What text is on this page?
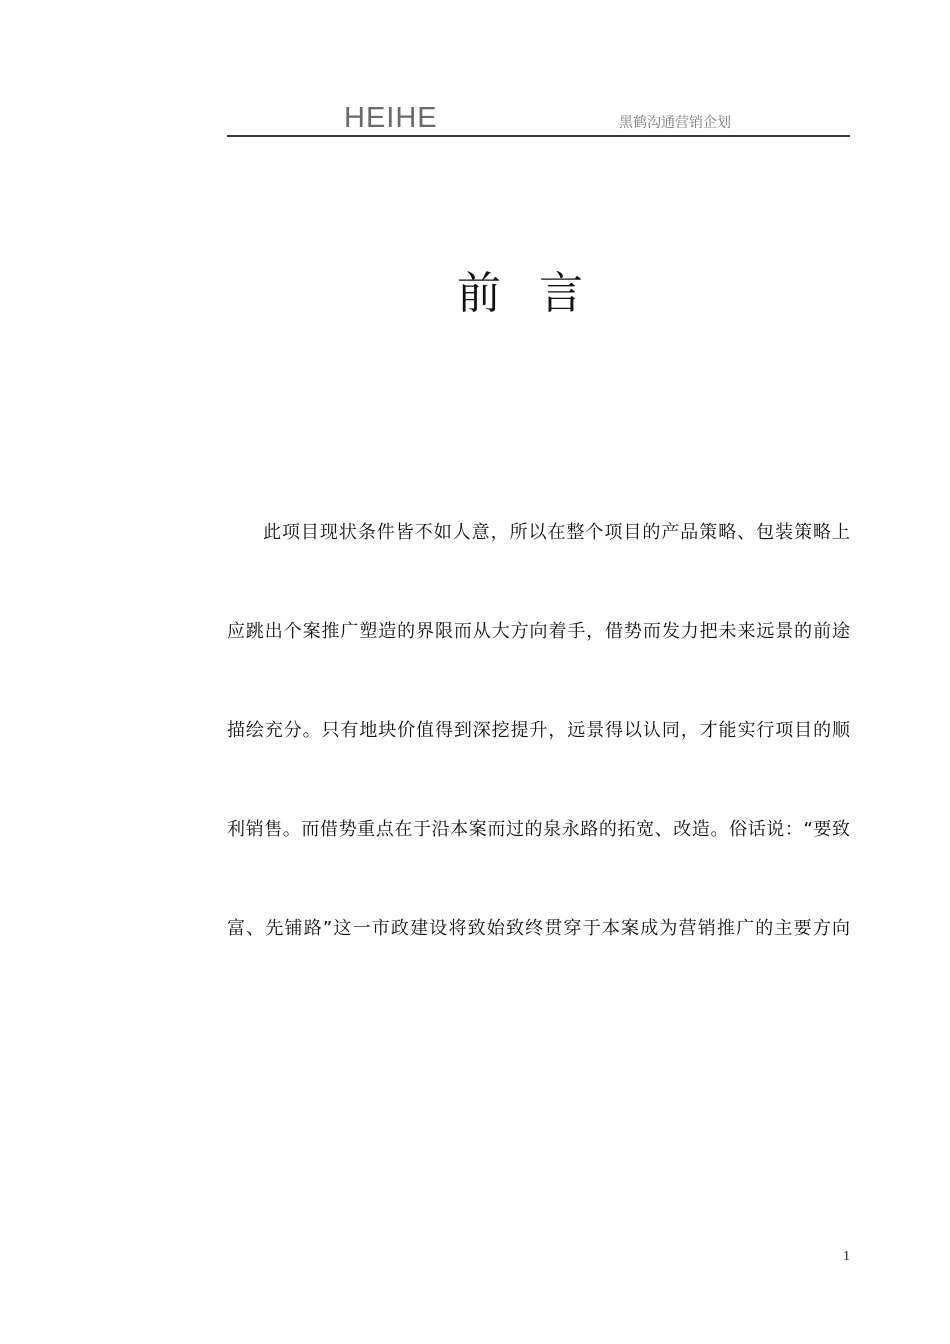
HEIHE	黑鹤沟通营销企划
前言
此项目现状条件皆不如人意，所以在整个项目的产品策略、包装策略上
应跳出个案推广塑造的界限而从大方向着手，借势而发力把未来远景的前途
描绘充分。只有地块价值得到深挖提升，远景得以认同，才能实行项目的顺
利销售。而借势重点在于沿本案而过的泉永路的拓宽、改造。俗话说：“要致
富、先铺路”这一市政建设将致始致终贯穿于本案成为营销推广的主要方向
1
